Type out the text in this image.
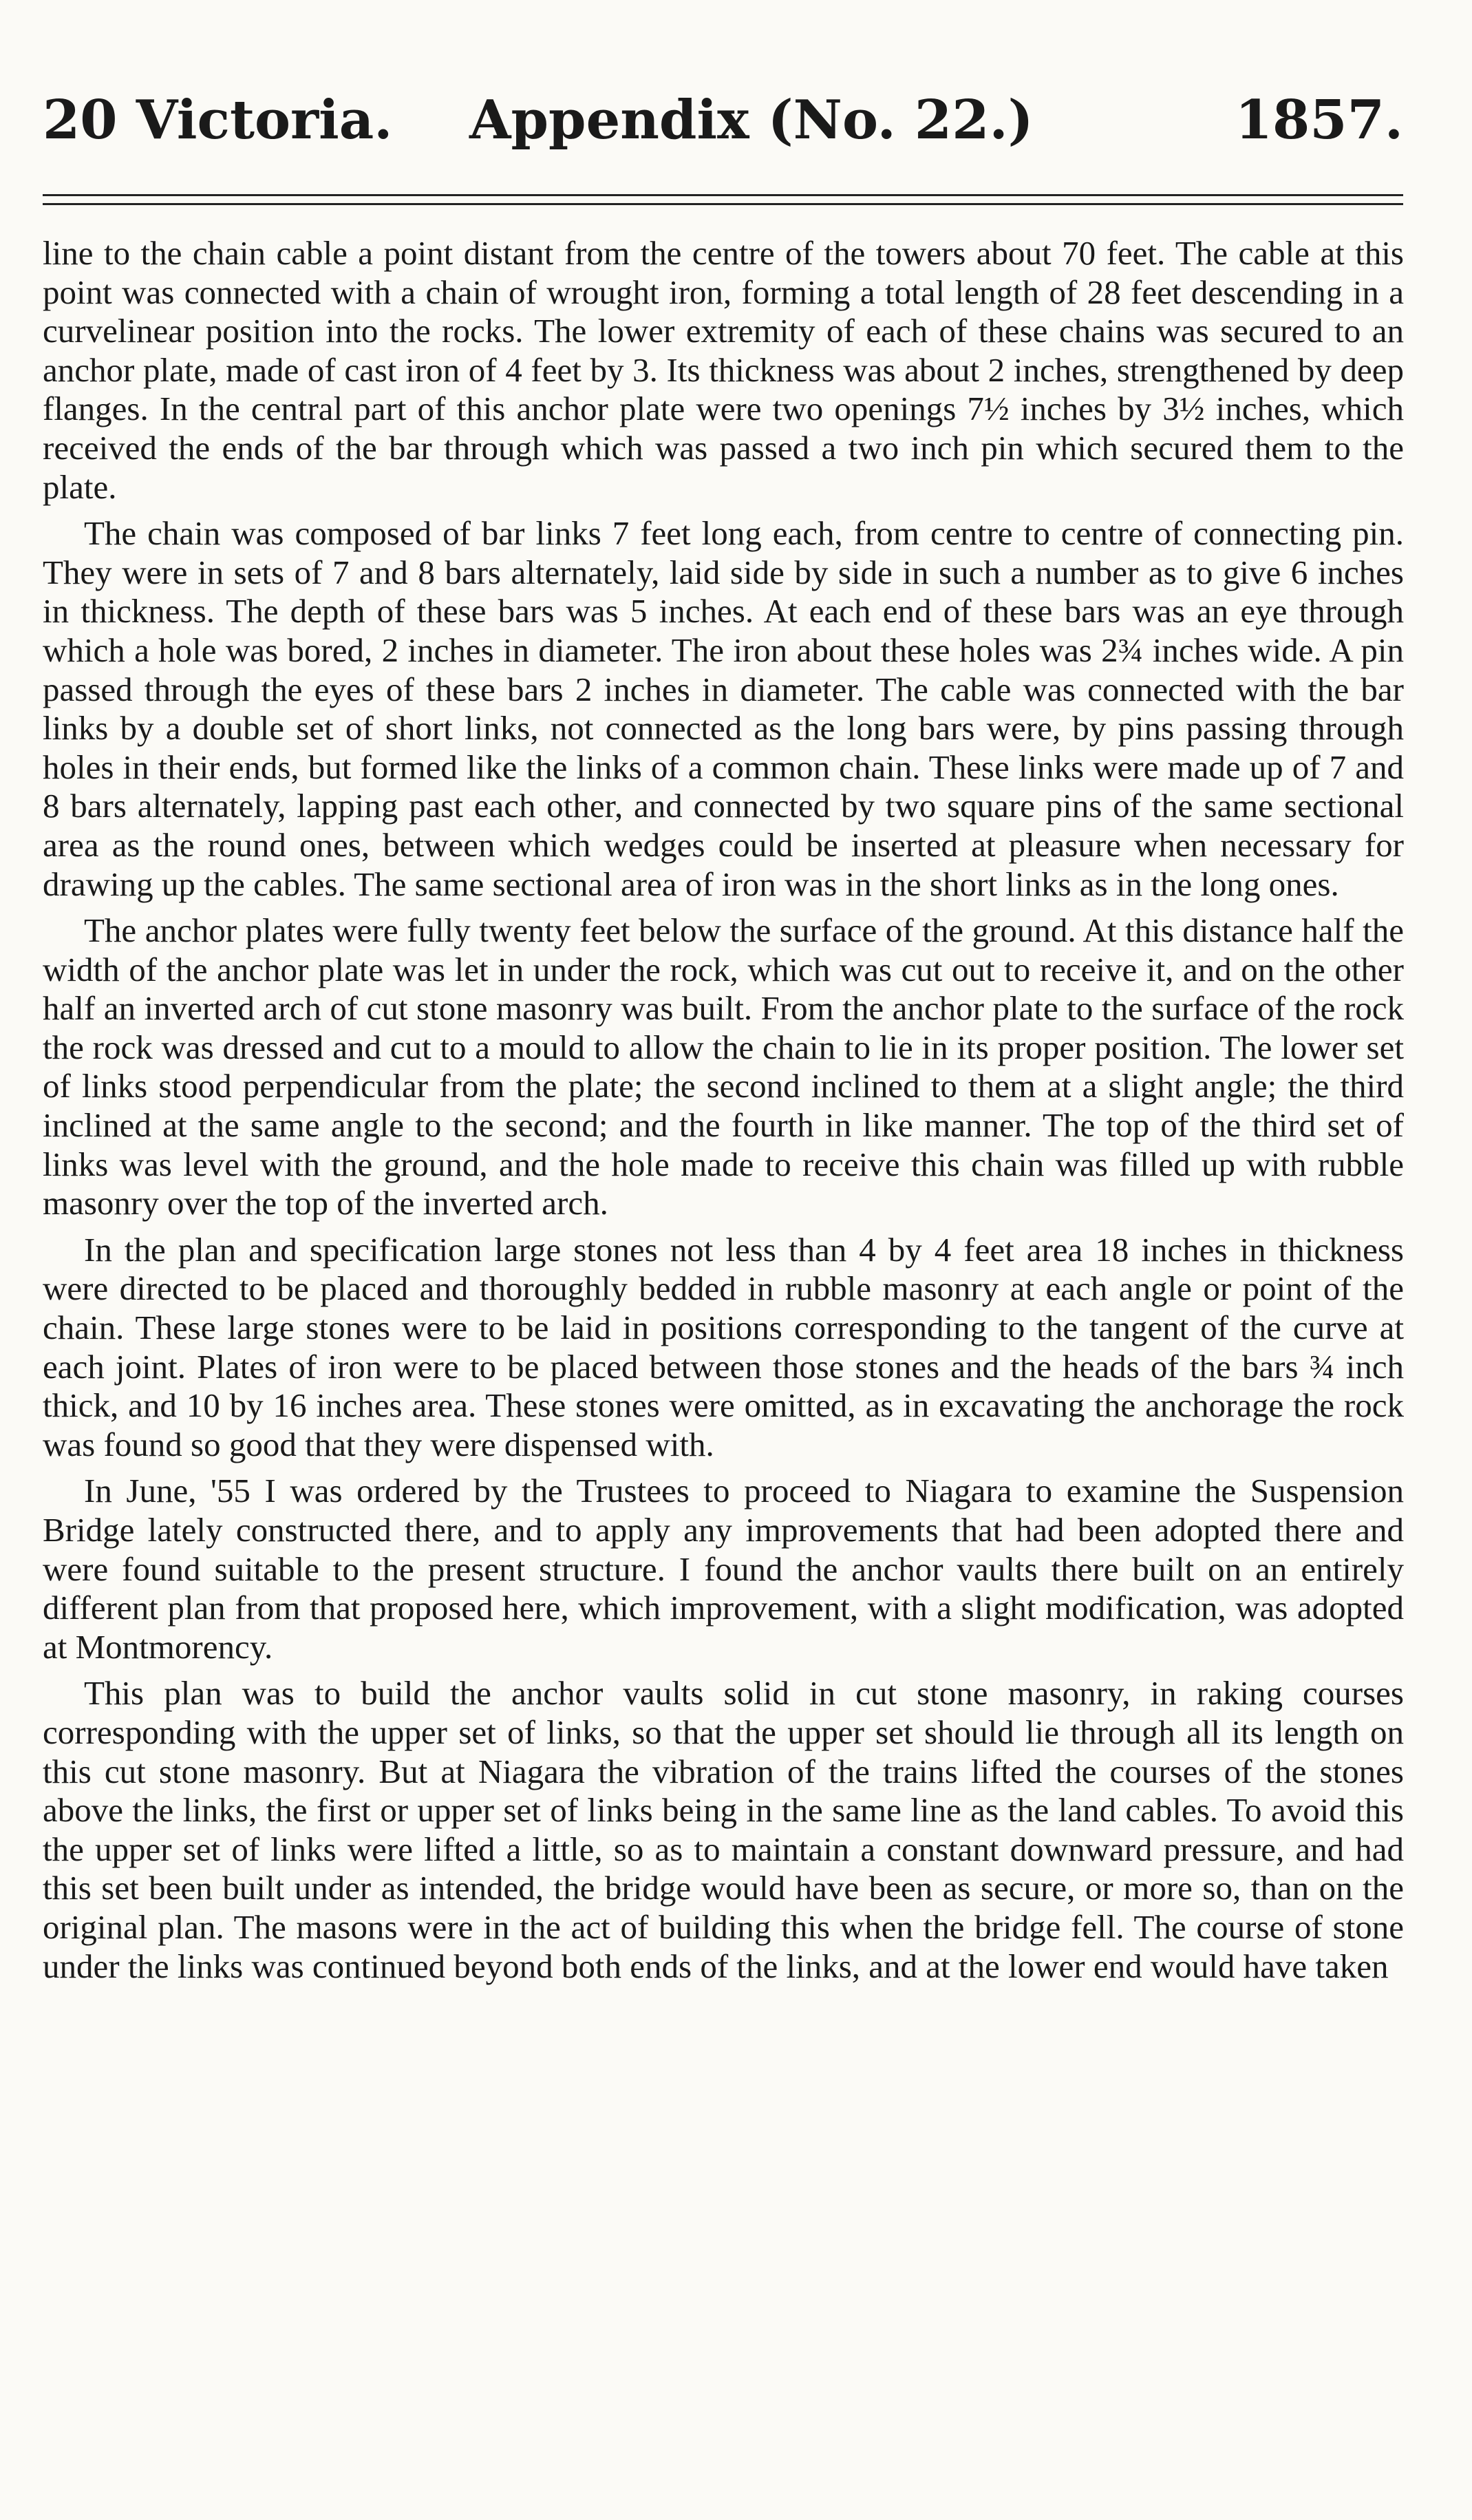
20 Victoria. Appendix (No. 22.)	1857.

line to the chain cable a point distant from the centre of the towers about 70 feet. The cable at this point was connected with a chain of wrought iron, forming a total length of 28 feet descending in a curvelinear position into the rocks. The lower extremity of each of these chains was secured to an anchor plate, made of cast iron of 4 feet by 3. Its thickness was about 2 inches, strengthened by deep flanges. In the central part of this anchor plate were two openings 7½ inches by 3½ inches, which received the ends of the bar through which was passed a two inch pin which secured them to the plate.

The chain was composed of bar links 7 feet long each, from centre to centre of connecting pin. They were in sets of 7 and 8 bars alternately, laid side by side in such a number as to give 6 inches in thickness. The depth of these bars was 5 inches. At each end of these bars was an eye through which a hole was bored, 2 inches in diameter. The iron about these holes was 2¾ inches wide. A pin passed through the eyes of these bars 2 inches in diameter. The cable was connected with the bar links by a double set of short links, not connected as the long bars were, by pins passing through holes in their ends, but formed like the links of a common chain. These links were made up of 7 and 8 bars alternately, lapping past each other, and connected by two square pins of the same sectional area as the round ones, between which wedges could be inserted at pleasure when necessary for drawing up the cables. The same sectional area of iron was in the short links as in the long ones.

The anchor plates were fully twenty feet below the surface of the ground. At this distance half the width of the anchor plate was let in under the rock, which was cut out to receive it, and on the other half an inverted arch of cut stone masonry was built. From the anchor plate to the surface of the rock the rock was dressed and cut to a mould to allow the chain to lie in its proper position. The lower set of links stood perpendicular from the plate; the second inclined to them at a slight angle; the third inclined at the same angle to the second; and the fourth in like manner. The top of the third set of links was level with the ground, and the hole made to receive this chain was filled up with rubble masonry over the top of the inverted arch.

In the plan and specification large stones not less than 4 by 4 feet area 18 inches in thickness were directed to be placed and thoroughly bedded in rubble masonry at each angle or point of the chain. These large stones were to be laid in positions corresponding to the tangent of the curve at each joint. Plates of iron were to be placed between those stones and the heads of the bars ¾ inch thick, and 10 by 16 inches area. These stones were omitted, as in excavating the anchorage the rock was found so good that they were dispensed with.

In June, '55 I was ordered by the Trustees to proceed to Niagara to examine the Suspension Bridge lately constructed there, and to apply any improvements that had been adopted there and were found suitable to the present structure. I found the anchor vaults there built on an entirely different plan from that proposed here, which improvement, with a slight modification, was adopted at Montmorency.

This plan was to build the anchor vaults solid in cut stone masonry, in raking courses corresponding with the upper set of links, so that the upper set should lie through all its length on this cut stone masonry. But at Niagara the vibration of the trains lifted the courses of the stones above the links, the first or upper set of links being in the same line as the land cables. To avoid this the upper set of links were lifted a little, so as to maintain a constant downward pressure, and had this set been built under as intended, the bridge would have been as secure, or more so, than on the original plan. The masons were in the act of building this when the bridge fell. The course of stone under the links was continued beyond both ends of the links, and at the lower end would have taken
